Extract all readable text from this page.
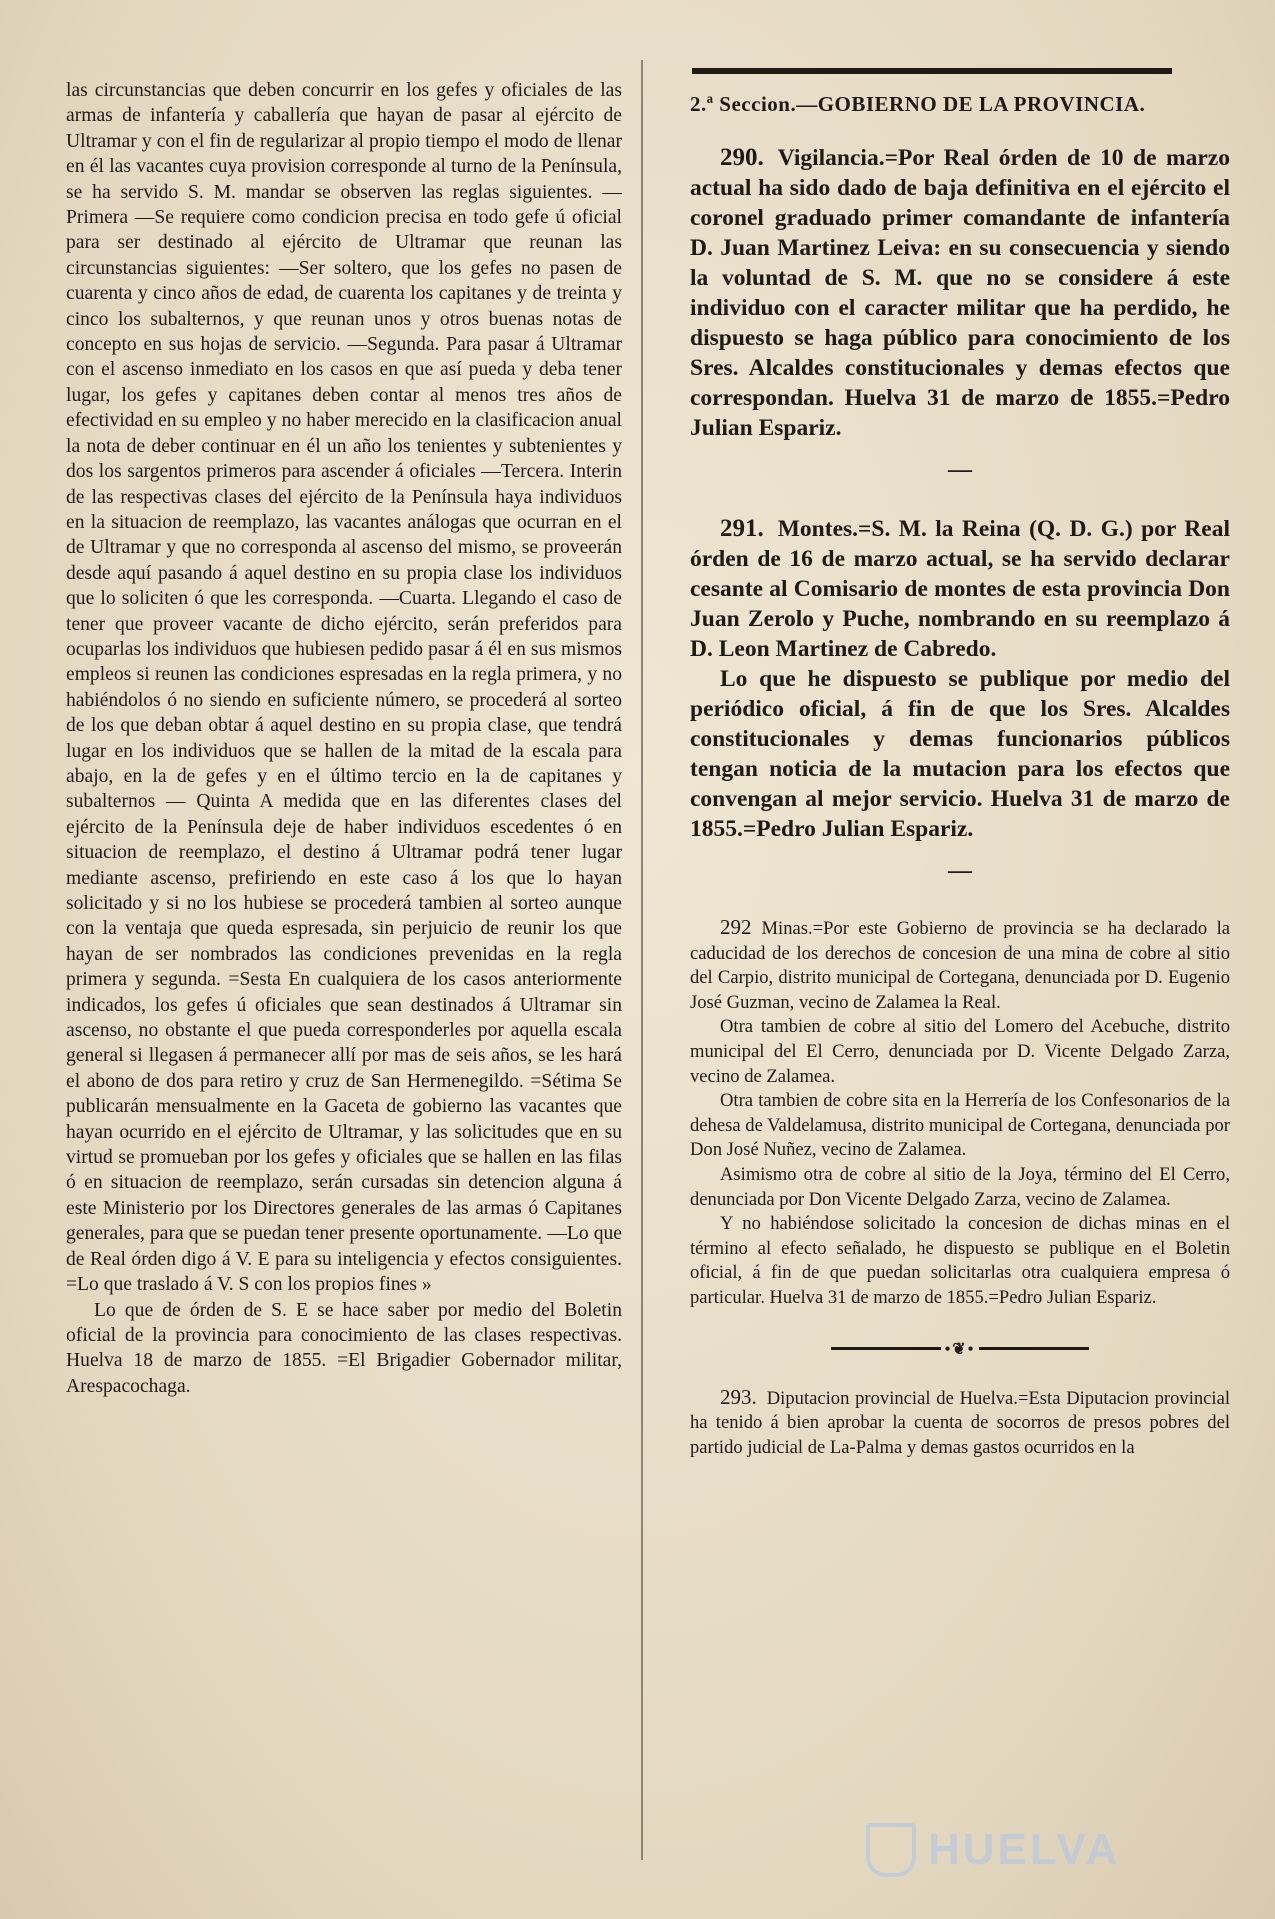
las circunstancias que deben concurrir en los gefes y oficiales de las armas de infantería y caballería que hayan de pasar al ejército de Ultramar y con el fin de regularizar al propio tiempo el modo de llenar en él las vacantes cuya provision corresponde al turno de la Península, se ha servido S. M. mandar se observen las reglas siguientes. —Primera —Se requiere como condicion precisa en todo gefe ú oficial para ser destinado al ejército de Ultramar que reunan las circunstancias siguientes: —Ser soltero, que los gefes no pasen de cuarenta y cinco años de edad, de cuarenta los capitanes y de treinta y cinco los subalternos, y que reunan unos y otros buenas notas de concepto en sus hojas de servicio. —Segunda. Para pasar á Ultramar con el ascenso inmediato en los casos en que así pueda y deba tener lugar, los gefes y capitanes deben contar al menos tres años de efectividad en su empleo y no haber merecido en la clasificacion anual la nota de deber continuar en él un año los tenientes y subtenientes y dos los sargentos primeros para ascender á oficiales —Tercera. Interin de las respectivas clases del ejército de la Península haya individuos en la situacion de reemplazo, las vacantes análogas que ocurran en el de Ultramar y que no corresponda al ascenso del mismo, se proveerán desde aquí pasando á aquel destino en su propia clase los individuos que lo soliciten ó que les corresponda. —Cuarta. Llegando el caso de tener que proveer vacante de dicho ejército, serán preferidos para ocuparlas los individuos que hubiesen pedido pasar á él en sus mismos empleos si reunen las condiciones espresadas en la regla primera, y no habiéndolos ó no siendo en suficiente número, se procederá al sorteo de los que deban obtar á aquel destino en su propia clase, que tendrá lugar en los individuos que se hallen de la mitad de la escala para abajo, en la de gefes y en el último tercio en la de capitanes y subalternos — Quinta A medida que en las diferentes clases del ejército de la Península deje de haber individuos escedentes ó en situacion de reemplazo, el destino á Ultramar podrá tener lugar mediante ascenso, prefiriendo en este caso á los que lo hayan solicitado y si no los hubiese se procederá tambien al sorteo aunque con la ventaja que queda espresada, sin perjuicio de reunir los que hayan de ser nombrados las condiciones prevenidas en la regla primera y segunda. =Sesta En cualquiera de los casos anteriormente indicados, los gefes ú oficiales que sean destinados á Ultramar sin ascenso, no obstante el que pueda corresponderles por aquella escala general si llegasen á permanecer allí por mas de seis años, se les hará el abono de dos para retiro y cruz de San Hermenegildo. =Sétima Se publicarán mensualmente en la Gaceta de gobierno las vacantes que hayan ocurrido en el ejército de Ultramar, y las solicitudes que en su virtud se promueban por los gefes y oficiales que se hallen en las filas ó en situacion de reemplazo, serán cursadas sin detencion alguna á este Ministerio por los Directores generales de las armas ó Capitanes generales, para que se puedan tener presente oportunamente. —Lo que de Real órden digo á V. E para su inteligencia y efectos consiguientes. =Lo que traslado á V. S con los propios fines »

Lo que de órden de S. E se hace saber por medio del Boletin oficial de la provincia para conocimiento de las clases respectivas. Huelva 18 de marzo de 1855. =El Brigadier Gobernador militar, Arespacochaga.

2.ª Seccion.—GOBIERNO DE LA PROVINCIA.

290. Vigilancia.=Por Real órden de 10 de marzo actual ha sido dado de baja definitiva en el ejército el coronel graduado primer comandante de infantería D. Juan Martinez Leiva: en su consecuencia y siendo la voluntad de S. M. que no se considere á este individuo con el caracter militar que ha perdido, he dispuesto se haga público para conocimiento de los Sres. Alcaldes constitucionales y demas efectos que correspondan. Huelva 31 de marzo de 1855.=Pedro Julian Espariz.

—

291. Montes.=S. M. la Reina (Q. D. G.) por Real órden de 16 de marzo actual, se ha servido declarar cesante al Comisario de montes de esta provincia Don Juan Zerolo y Puche, nombrando en su reemplazo á D. Leon Martinez de Cabredo.

Lo que he dispuesto se publique por medio del periódico oficial, á fin de que los Sres. Alcaldes constitucionales y demas funcionarios públicos tengan noticia de la mutacion para los efectos que convengan al mejor servicio. Huelva 31 de marzo de 1855.=Pedro Julian Espariz.

—

292 Minas.=Por este Gobierno de provincia se ha declarado la caducidad de los derechos de concesion de una mina de cobre al sitio del Carpio, distrito municipal de Cortegana, denunciada por D. Eugenio José Guzman, vecino de Zalamea la Real.

Otra tambien de cobre al sitio del Lomero del Acebuche, distrito municipal del El Cerro, denunciada por D. Vicente Delgado Zarza, vecino de Zalamea.

Otra tambien de cobre sita en la Herrería de los Confesonarios de la dehesa de Valdelamusa, distrito municipal de Cortegana, denunciada por Don José Nuñez, vecino de Zalamea.

Asimismo otra de cobre al sitio de la Joya, término del El Cerro, denunciada por Don Vicente Delgado Zarza, vecino de Zalamea.

Y no habiéndose solicitado la concesion de dichas minas en el término al efecto señalado, he dispuesto se publique en el Boletin oficial, á fin de que puedan solicitarlas otra cualquiera empresa ó particular. Huelva 31 de marzo de 1855.=Pedro Julian Espariz.

•❦•

293. Diputacion provincial de Huelva.=Esta Diputacion provincial ha tenido á bien aprobar la cuenta de socorros de presos pobres del partido judicial de La-Palma y demas gastos ocurridos en la

HUELVA
